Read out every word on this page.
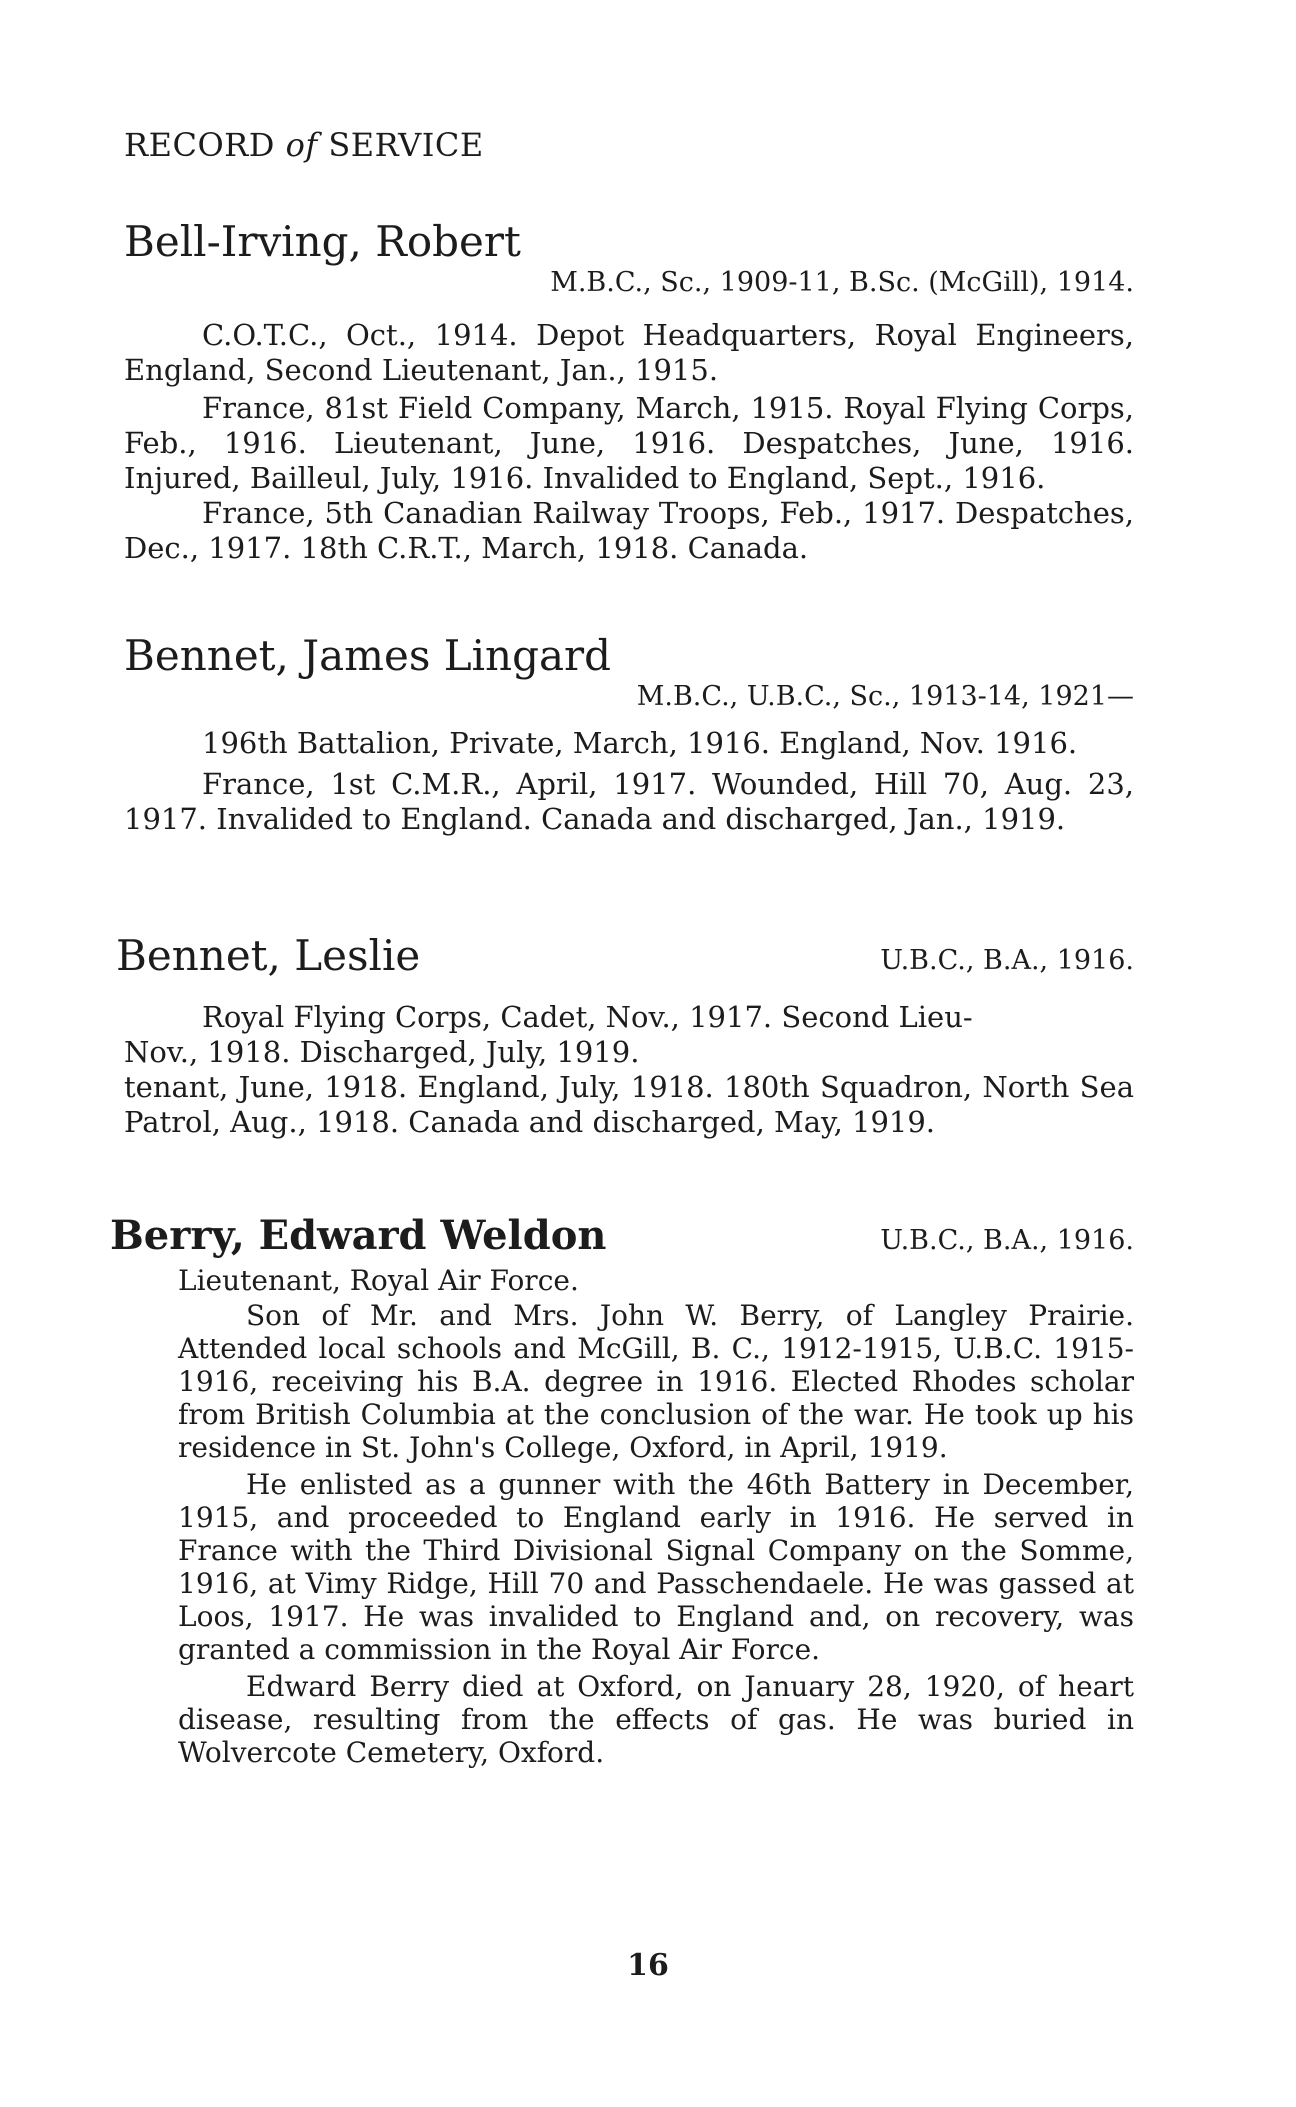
RECORD of SERVICE
Bell-Irving, Robert
M.B.C., Sc., 1909-11, B.Sc. (McGill), 1914.

C.O.T.C., Oct., 1914. Depot Headquarters, Royal Engineers, England, Second Lieutenant, Jan., 1915.

France, 81st Field Company, March, 1915. Royal Flying Corps, Feb., 1916. Lieutenant, June, 1916. Despatches, June, 1916. Injured, Bailleul, July, 1916. Invalided to England, Sept., 1916.

France, 5th Canadian Railway Troops, Feb., 1917. Despatches, Dec., 1917. 18th C.R.T., March, 1918. Canada.

Bennet, James Lingard
M.B.C., U.B.C., Sc., 1913-14, 1921—

196th Battalion, Private, March, 1916. England, Nov. 1916.

France, 1st C.M.R., April, 1917. Wounded, Hill 70, Aug. 23, 1917. Invalided to England. Canada and discharged, Jan., 1919.

Bennet, Leslie	U.B.C., B.A., 1916.

Royal Flying Corps, Cadet, Nov., 1917. Second Lieu-

Nov., 1918. Discharged, July, 1919.

tenant, June, 1918. England, July, 1918. 180th Squadron, North Sea Patrol, Aug., 1918. Canada and discharged, May, 1919.

Berry, Edward Weldon	U.B.C., B.A., 1916.

Lieutenant, Royal Air Force.

Son of Mr. and Mrs. John W. Berry, of Langley Prairie. Attended local schools and McGill, B. C., 1912-1915, U.B.C. 1915-1916, receiving his B.A. degree in 1916. Elected Rhodes scholar from British Columbia at the conclusion of the war. He took up his residence in St. John's College, Oxford, in April, 1919.

He enlisted as a gunner with the 46th Battery in December, 1915, and proceeded to England early in 1916. He served in France with the Third Divisional Signal Company on the Somme, 1916, at Vimy Ridge, Hill 70 and Passchendaele. He was gassed at Loos, 1917. He was invalided to England and, on recovery, was granted a commission in the Royal Air Force.

Edward Berry died at Oxford, on January 28, 1920, of heart disease, resulting from the effects of gas. He was buried in Wolvercote Cemetery, Oxford.

16
